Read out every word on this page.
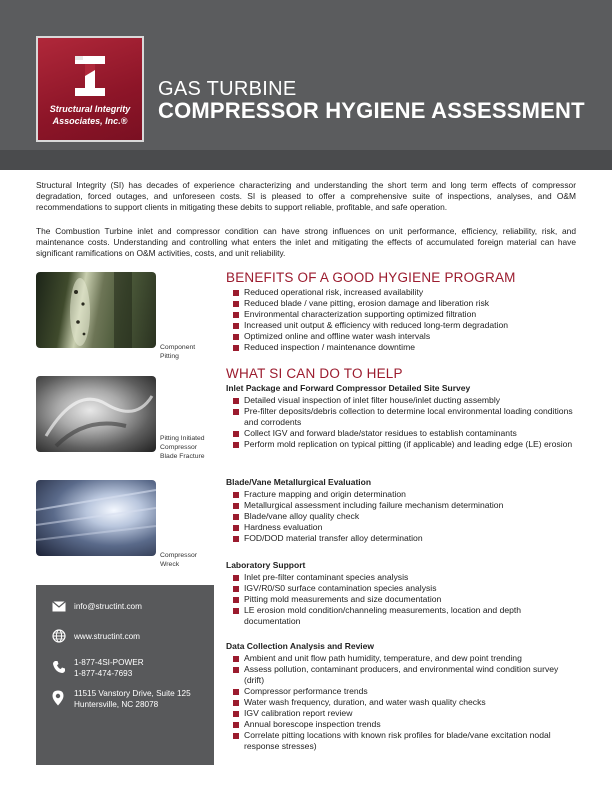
Structural Integrity
Associates, Inc.®
GAS TURBINE
COMPRESSOR HYGIENE ASSESSMENT

Structural Integrity (SI) has decades of experience characterizing and understanding the short term and long term effects of compressor degradation, forced outages, and unforeseen costs. SI is pleased to offer a comprehensive suite of inspections, analyses, and O&M recommendations to support clients in mitigating these debits to support reliable, profitable, and safe operation.

The Combustion Turbine inlet and compressor condition can have strong influences on unit performance, efficiency, reliability, risk, and maintenance costs. Understanding and controlling what enters the inlet and mitigating the effects of accumulated foreign material can have significant ramifications on O&M activities, costs, and unit reliability.

Component
Pitting
Pitting Initiated
Compressor
Blade Fracture
Compressor
Wreck
BENEFITS OF A GOOD HYGIENE PROGRAM
Reduced operational risk, increased availability
Reduced blade / vane pitting, erosion damage and liberation risk
Environmental characterization supporting optimized filtration
Increased unit output & efficiency with reduced long-term degradation
Optimized online and offline water wash intervals
Reduced inspection / maintenance downtime
WHAT SI CAN DO TO HELP
Inlet Package and Forward Compressor Detailed Site Survey
Detailed visual inspection of inlet filter house/inlet ducting assembly
Pre-filter deposits/debris collection to determine local environmental loading conditions and corrodents
Collect IGV and forward blade/stator residues to establish contaminants
Perform mold replication on typical pitting (if applicable) and leading edge (LE) erosion
Blade/Vane Metallurgical Evaluation
Fracture mapping and origin determination
Metallurgical assessment including failure mechanism determination
Blade/vane alloy quality check
Hardness evaluation
FOD/DOD material transfer alloy determination
Laboratory Support
Inlet pre-filter contaminant species analysis
IGV/R0/S0 surface contamination species analysis
Pitting mold measurements and size documentation
LE erosion mold condition/channeling measurements, location and depth documentation
Data Collection Analysis and Review
Ambient and unit flow path humidity, temperature, and dew point trending
Assess pollution, contaminant producers, and environmental wind condition survey (drift)
Compressor performance trends
Water wash frequency, duration, and water wash quality checks
IGV calibration report review
Annual borescope inspection trends
Correlate pitting locations with known risk profiles for blade/vane excitation nodal response stresses)
info@structint.com
www.structint.com
1-877-4SI-POWER
1-877-474-7693
11515 Vanstory Drive, Suite 125
Huntersville, NC 28078
